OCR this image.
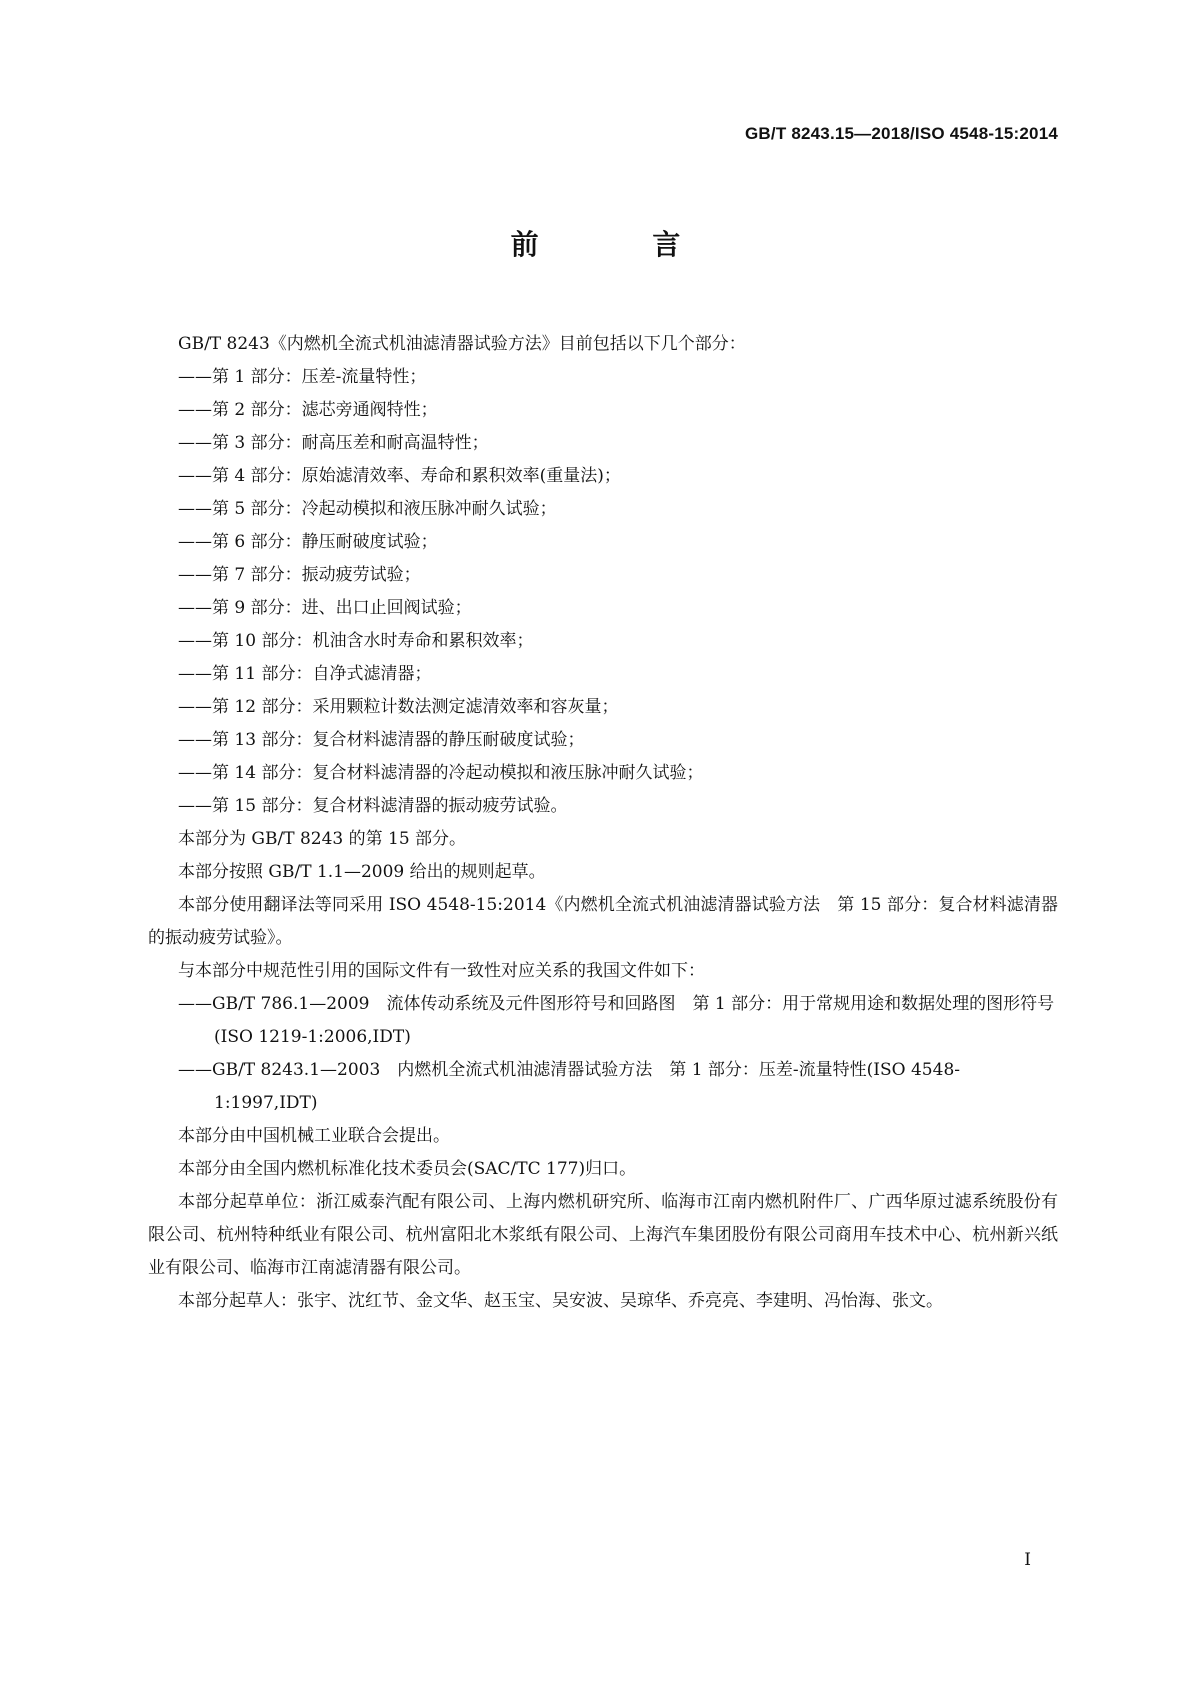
GB/T 8243.15—2018/ISO 4548-15:2014
前 言
GB/T 8243《内燃机全流式机油滤清器试验方法》目前包括以下几个部分：
——第 1 部分：压差-流量特性；
——第 2 部分：滤芯旁通阀特性；
——第 3 部分：耐高压差和耐高温特性；
——第 4 部分：原始滤清效率、寿命和累积效率(重量法)；
——第 5 部分：冷起动模拟和液压脉冲耐久试验；
——第 6 部分：静压耐破度试验；
——第 7 部分：振动疲劳试验；
——第 9 部分：进、出口止回阀试验；
——第 10 部分：机油含水时寿命和累积效率；
——第 11 部分：自净式滤清器；
——第 12 部分：采用颗粒计数法测定滤清效率和容灰量；
——第 13 部分：复合材料滤清器的静压耐破度试验；
——第 14 部分：复合材料滤清器的冷起动模拟和液压脉冲耐久试验；
——第 15 部分：复合材料滤清器的振动疲劳试验。
本部分为 GB/T 8243 的第 15 部分。
本部分按照 GB/T 1.1—2009 给出的规则起草。
本部分使用翻译法等同采用 ISO 4548-15:2014《内燃机全流式机油滤清器试验方法　第 15 部分：复合材料滤清器的振动疲劳试验》。
与本部分中规范性引用的国际文件有一致性对应关系的我国文件如下：
——GB/T 786.1—2009　流体传动系统及元件图形符号和回路图　第 1 部分：用于常规用途和数据处理的图形符号(ISO 1219-1:2006,IDT)
——GB/T 8243.1—2003　内燃机全流式机油滤清器试验方法　第 1 部分：压差-流量特性(ISO 4548-1:1997,IDT)
本部分由中国机械工业联合会提出。
本部分由全国内燃机标准化技术委员会(SAC/TC 177)归口。
本部分起草单位：浙江威泰汽配有限公司、上海内燃机研究所、临海市江南内燃机附件厂、广西华原过滤系统股份有限公司、杭州特种纸业有限公司、杭州富阳北木浆纸有限公司、上海汽车集团股份有限公司商用车技术中心、杭州新兴纸业有限公司、临海市江南滤清器有限公司。
本部分起草人：张宇、沈红节、金文华、赵玉宝、吴安波、吴琼华、乔亮亮、李建明、冯怡海、张文。
I
